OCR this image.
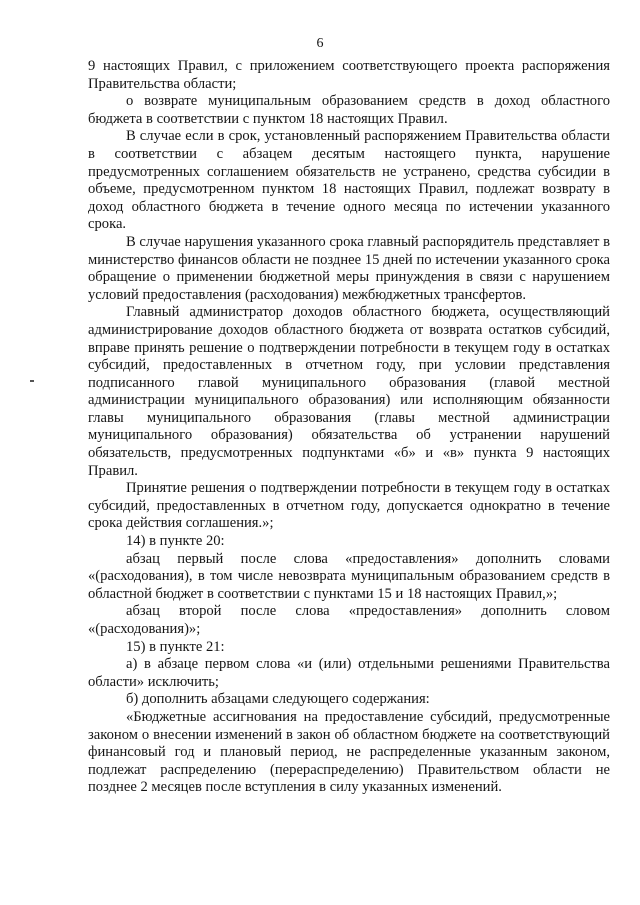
6

9 настоящих Правил, с приложением соответствующего проекта распоряжения Правительства области;

о возврате муниципальным образованием средств в доход областного бюджета в соответствии с пунктом 18 настоящих Правил.

В случае если в срок, установленный распоряжением Правительства области в соответствии с абзацем десятым настоящего пункта, нарушение предусмотренных соглашением обязательств не устранено, средства субсидии в объеме, предусмотренном пунктом 18 настоящих Правил, подлежат возврату в доход областного бюджета в течение одного месяца по истечении указанного срока.

В случае нарушения указанного срока главный распорядитель представляет в министерство финансов области не позднее 15 дней по истечении указанного срока обращение о применении бюджетной меры принуждения в связи с нарушением условий предоставления (расходования) межбюджетных трансфертов.

Главный администратор доходов областного бюджета, осуществляющий администрирование доходов областного бюджета от возврата остатков субсидий, вправе принять решение о подтверждении потребности в текущем году в остатках субсидий, предоставленных в отчетном году, при условии представления подписанного главой муниципального образования (главой местной администрации муниципального образования) или исполняющим обязанности главы муниципального образования (главы местной администрации муниципального образования) обязательства об устранении нарушений обязательств, предусмотренных подпунктами «б» и «в» пункта 9 настоящих Правил.

Принятие решения о подтверждении потребности в текущем году в остатках субсидий, предоставленных в отчетном году, допускается однократно в течение срока действия соглашения.»;

14) в пункте 20:

абзац первый после слова «предоставления» дополнить словами «(расходования), в том числе невозврата муниципальным образованием средств в областной бюджет в соответствии с пунктами 15 и 18 настоящих Правил,»;

абзац второй после слова «предоставления» дополнить словом «(расходования)»;

15) в пункте 21:

а) в абзаце первом слова «и (или) отдельными решениями Правительства области» исключить;

б) дополнить абзацами следующего содержания:

«Бюджетные ассигнования на предоставление субсидий, предусмотренные законом о внесении изменений в закон об областном бюджете на соответствующий финансовый год и плановый период, не распределенные указанным законом, подлежат распределению (перераспределению) Правительством области не позднее 2 месяцев после вступления в силу указанных изменений.
